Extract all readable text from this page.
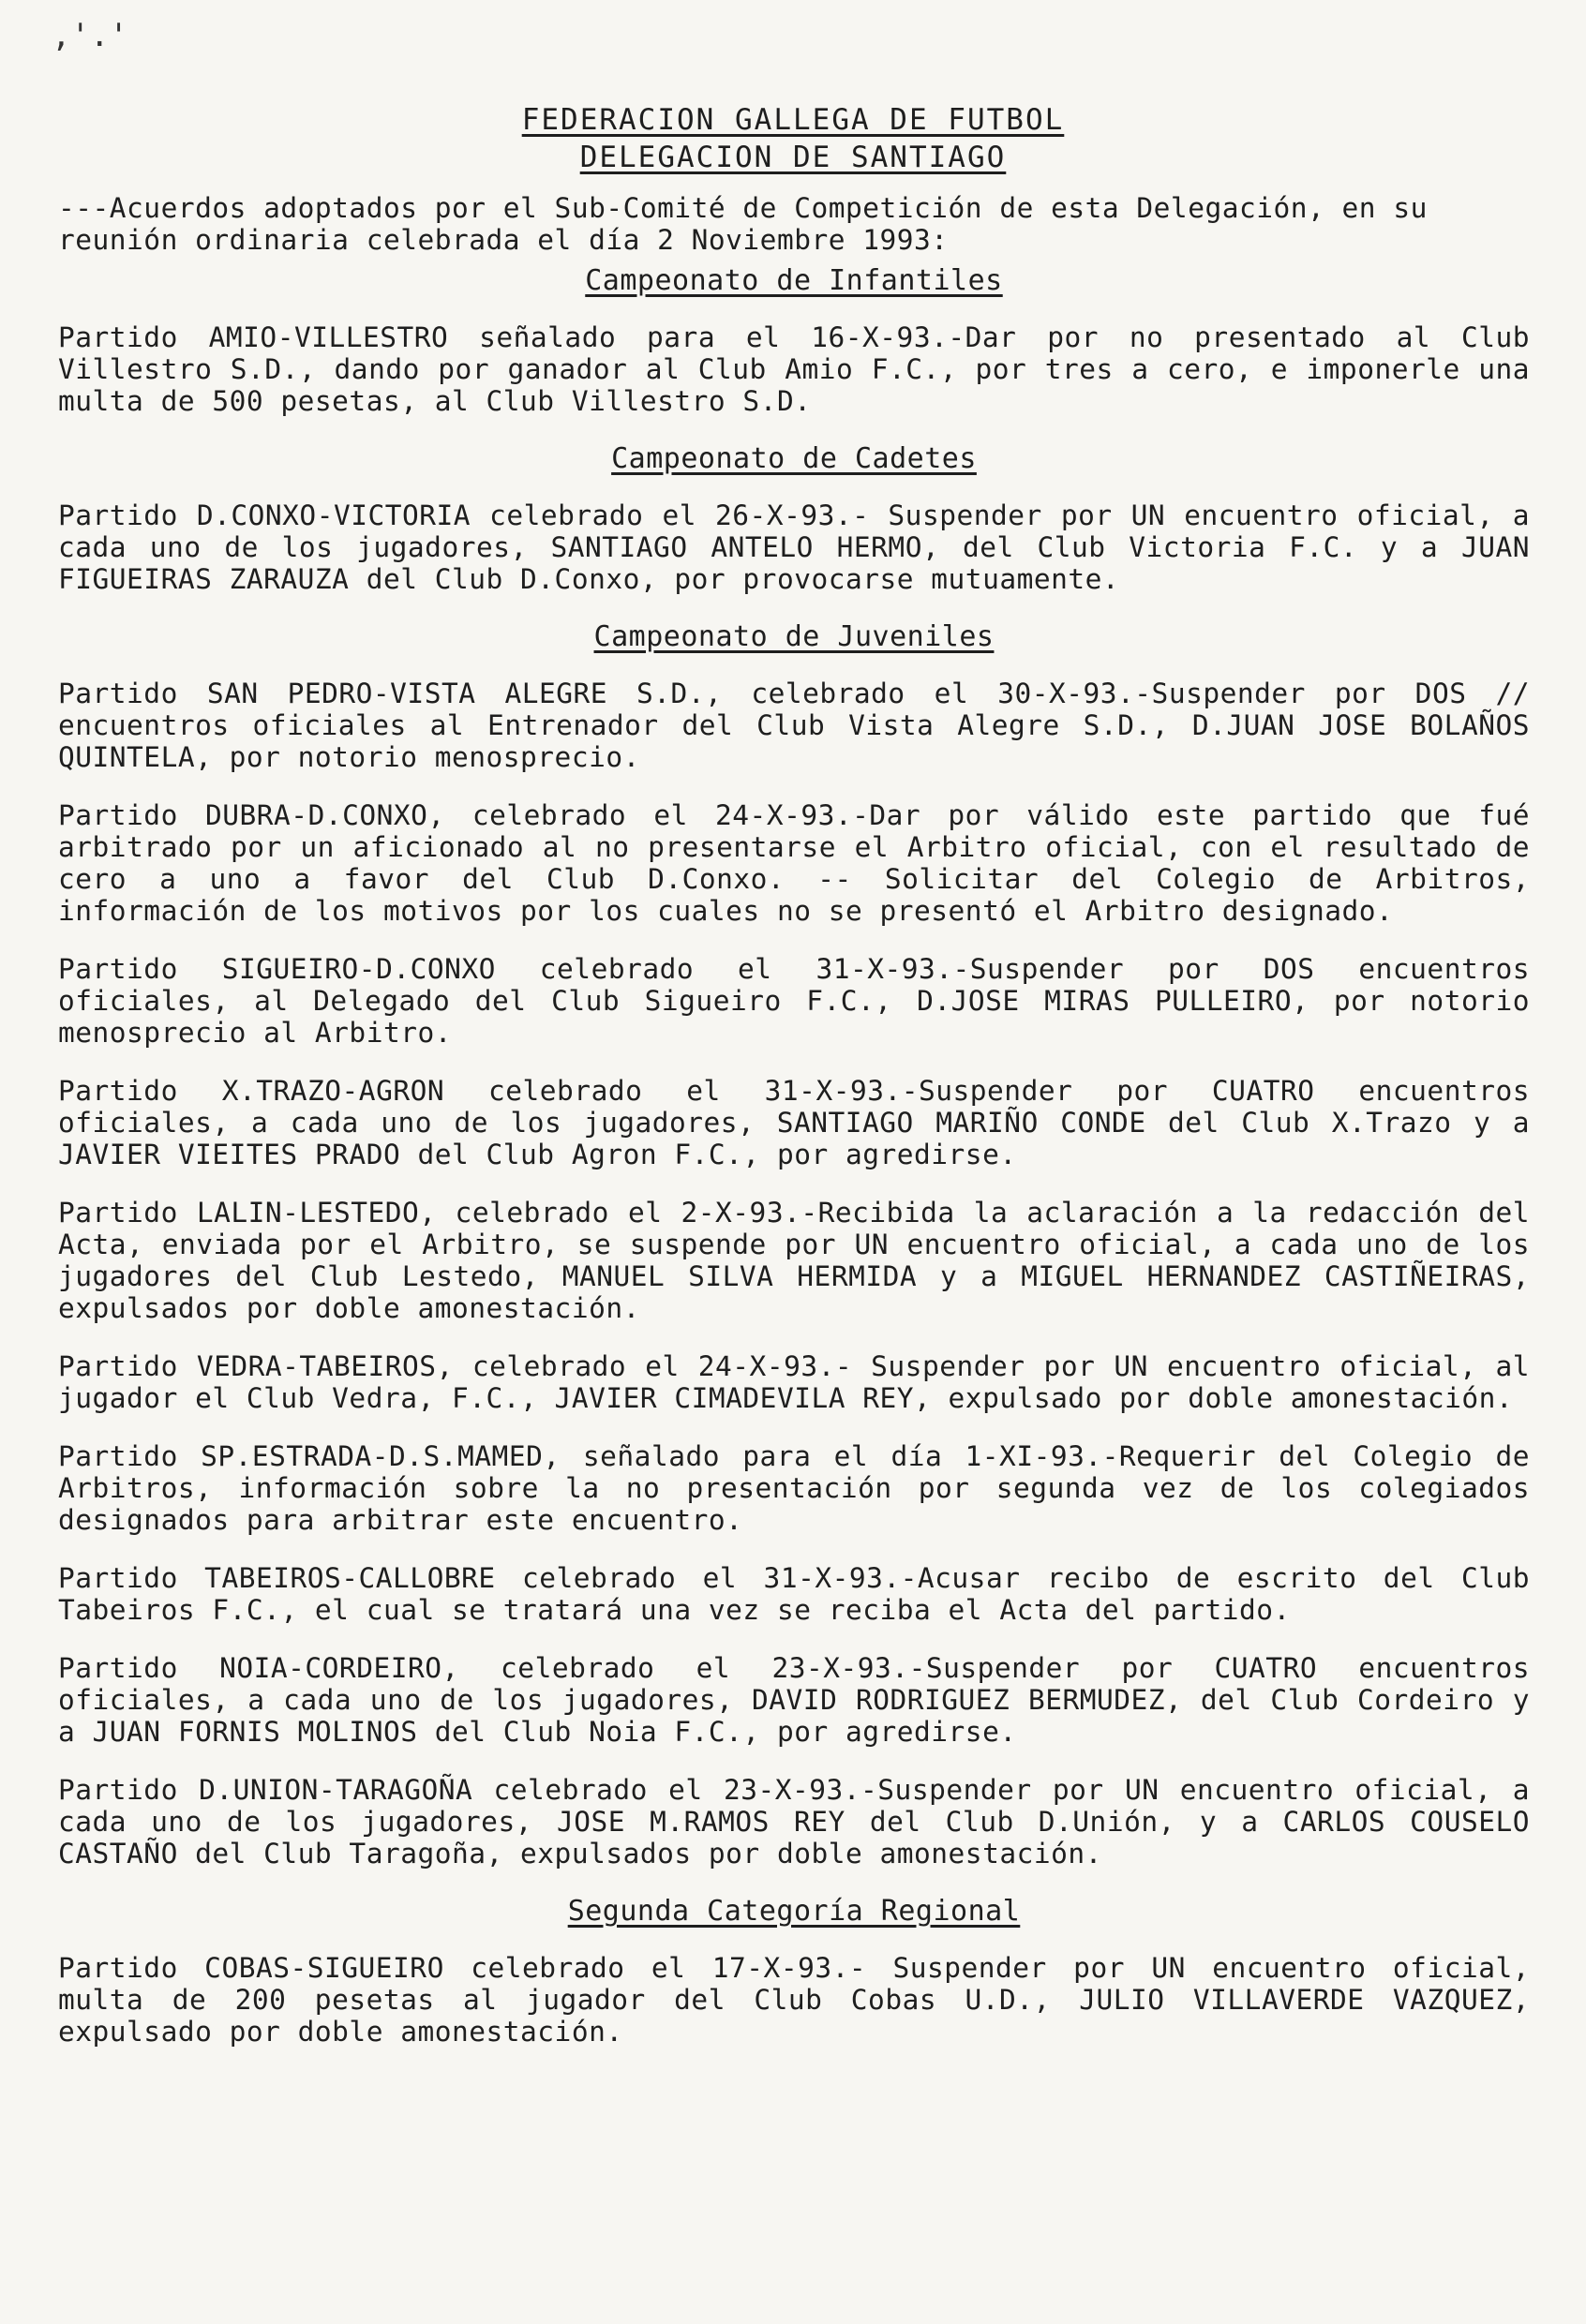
,'.'
FEDERACION GALLEGA DE FUTBOL
DELEGACION DE SANTIAGO

---Acuerdos adoptados por el Sub-Comité de Competición de esta Delegación, en su reunión ordinaria celebrada el día 2 Noviembre 1993:

Campeonato de Infantiles

Partido AMIO-VILLESTRO señalado para el 16-X-93.-Dar por no presentado al Club Villestro S.D., dando por ganador al Club Amio F.C., por tres a cero, e imponerle una multa de 500 pesetas, al Club Villestro S.D.

Campeonato de Cadetes

Partido D.CONXO-VICTORIA celebrado el 26-X-93.- Suspender por UN encuentro oficial, a cada uno de los jugadores, SANTIAGO ANTELO HERMO, del Club Victoria F.C. y a JUAN FIGUEIRAS ZARAUZA del Club D.Conxo, por provocarse mutuamente.

Campeonato de Juveniles

Partido SAN PEDRO-VISTA ALEGRE S.D., celebrado el 30-X-93.-Suspender por DOS // encuentros oficiales al Entrenador del Club Vista Alegre S.D., D.JUAN JOSE BOLAÑOS QUINTELA, por notorio menosprecio.

Partido DUBRA-D.CONXO, celebrado el 24-X-93.-Dar por válido este partido que fué arbitrado por un aficionado al no presentarse el Arbitro oficial, con el resultado de cero a uno a favor del Club D.Conxo. -- Solicitar del Colegio de Arbitros, información de los motivos por los cuales no se presentó el Arbitro designado.

Partido SIGUEIRO-D.CONXO celebrado el 31-X-93.-Suspender por DOS encuentros oficiales, al Delegado del Club Sigueiro F.C., D.JOSE MIRAS PULLEIRO, por notorio menosprecio al Arbitro.

Partido X.TRAZO-AGRON celebrado el 31-X-93.-Suspender por CUATRO encuentros oficiales, a cada uno de los jugadores, SANTIAGO MARIÑO CONDE del Club X.Trazo y a JAVIER VIEITES PRADO del Club Agron F.C., por agredirse.

Partido LALIN-LESTEDO, celebrado el 2-X-93.-Recibida la aclaración a la redacción del Acta, enviada por el Arbitro, se suspende por UN encuentro oficial, a cada uno de los jugadores del Club Lestedo, MANUEL SILVA HERMIDA y a MIGUEL HERNANDEZ CASTIÑEIRAS, expulsados por doble amonestación.

Partido VEDRA-TABEIROS, celebrado el 24-X-93.- Suspender por UN encuentro oficial, al jugador el Club Vedra, F.C., JAVIER CIMADEVILA REY, expulsado por doble amonestación.

Partido SP.ESTRADA-D.S.MAMED, señalado para el día 1-XI-93.-Requerir del Colegio de Arbitros, información sobre la no presentación por segunda vez de los colegiados designados para arbitrar este encuentro.

Partido TABEIROS-CALLOBRE celebrado el 31-X-93.-Acusar recibo de escrito del Club Tabeiros F.C., el cual se tratará una vez se reciba el Acta del partido.

Partido NOIA-CORDEIRO, celebrado el 23-X-93.-Suspender por CUATRO encuentros oficiales, a cada uno de los jugadores, DAVID RODRIGUEZ BERMUDEZ, del Club Cordeiro y a JUAN FORNIS MOLINOS del Club Noia F.C., por agredirse.

Partido D.UNION-TARAGOÑA celebrado el 23-X-93.-Suspender por UN encuentro oficial, a cada uno de los jugadores, JOSE M.RAMOS REY del Club D.Unión, y a CARLOS COUSELO CASTAÑO del Club Taragoña, expulsados por doble amonestación.

Segunda Categoría Regional

Partido COBAS-SIGUEIRO celebrado el 17-X-93.- Suspender por UN encuentro oficial, multa de 200 pesetas al jugador del Club Cobas U.D., JULIO VILLAVERDE VAZQUEZ, expulsado por doble amonestación.
